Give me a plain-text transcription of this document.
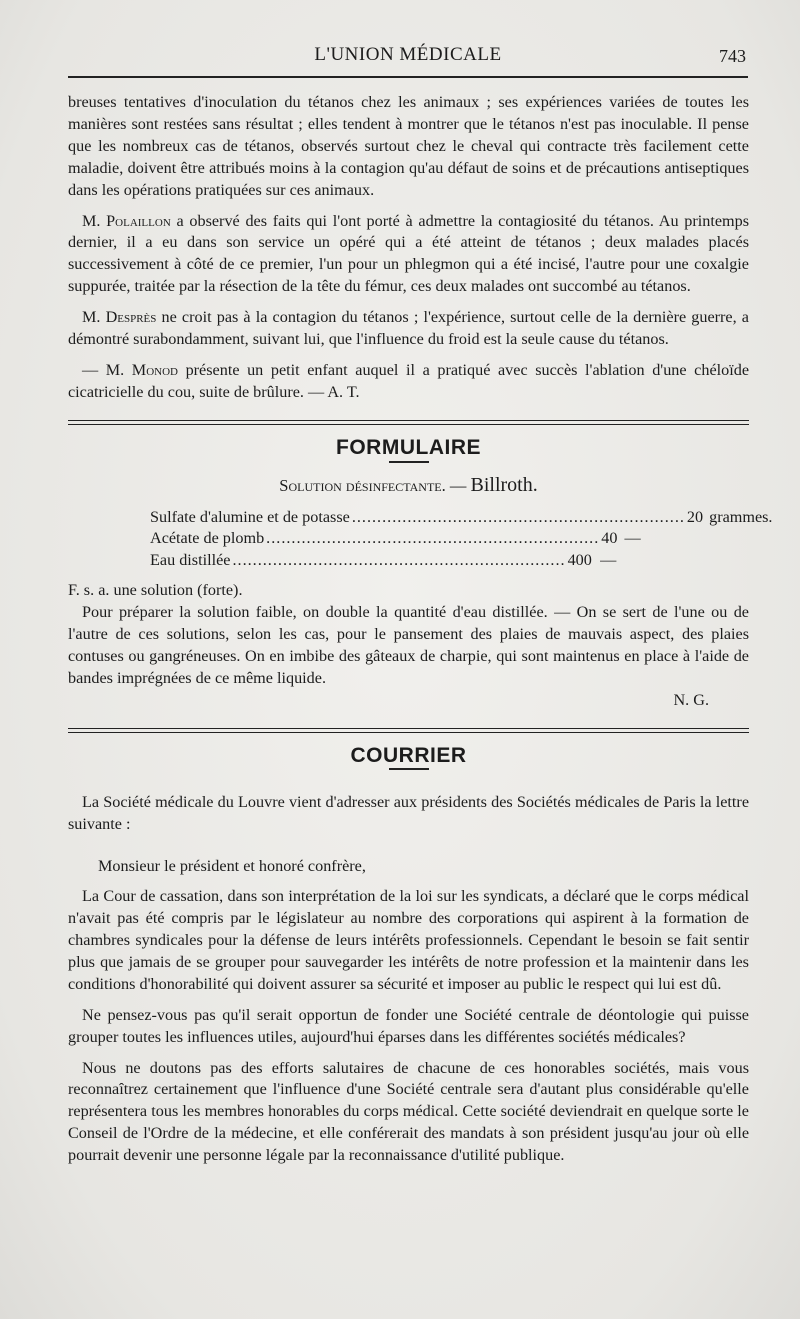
L'UNION MÉDICALE	743

breuses tentatives d'inoculation du tétanos chez les animaux ; ses expériences variées de toutes les manières sont restées sans résultat ; elles tendent à montrer que le tétanos n'est pas inoculable. Il pense que les nombreux cas de tétanos, observés surtout chez le cheval qui contracte très facilement cette maladie, doivent être attribués moins à la contagion qu'au défaut de soins et de précautions antiseptiques dans les opérations pratiquées sur ces animaux.

M. Polaillon a observé des faits qui l'ont porté à admettre la contagiosité du tétanos. Au printemps dernier, il a eu dans son service un opéré qui a été atteint de tétanos ; deux malades placés successivement à côté de ce premier, l'un pour un phlegmon qui a été incisé, l'autre pour une coxalgie suppurée, traitée par la résection de la tête du fémur, ces deux malades ont succombé au tétanos.

M. Desprès ne croit pas à la contagion du tétanos ; l'expérience, surtout celle de la dernière guerre, a démontré surabondamment, suivant lui, que l'influence du froid est la seule cause du tétanos.

— M. Monod présente un petit enfant auquel il a pratiqué avec succès l'ablation d'une chéloïde cicatricielle du cou, suite de brûlure. — A. T.

FORMULAIRE
Solution désinfectante. — Billroth.
Sulfate d'alumine et de potasse .................................................................. 20 grammes.
Acétate de plomb .................................................................. 40 —
Eau distillée .................................................................. 400 —

F. s. a. une solution (forte).

Pour préparer la solution faible, on double la quantité d'eau distillée. — On se sert de l'une ou de l'autre de ces solutions, selon les cas, pour le pansement des plaies de mauvais aspect, des plaies contuses ou gangréneuses. On en imbibe des gâteaux de charpie, qui sont maintenus en place à l'aide de bandes imprégnées de ce même liquide.

N. G.

COURRIER

La Société médicale du Louvre vient d'adresser aux présidents des Sociétés médicales de Paris la lettre suivante :

Monsieur le président et honoré confrère,

La Cour de cassation, dans son interprétation de la loi sur les syndicats, a déclaré que le corps médical n'avait pas été compris par le législateur au nombre des corporations qui aspirent à la formation de chambres syndicales pour la défense de leurs intérêts professionnels. Cependant le besoin se fait sentir plus que jamais de se grouper pour sauvegarder les intérêts de notre profession et la maintenir dans les conditions d'honorabilité qui doivent assurer sa sécurité et imposer au public le respect qui lui est dû.

Ne pensez-vous pas qu'il serait opportun de fonder une Société centrale de déontologie qui puisse grouper toutes les influences utiles, aujourd'hui éparses dans les différentes sociétés médicales?

Nous ne doutons pas des efforts salutaires de chacune de ces honorables sociétés, mais vous reconnaîtrez certainement que l'influence d'une Société centrale sera d'autant plus considérable qu'elle représentera tous les membres honorables du corps médical. Cette société deviendrait en quelque sorte le Conseil de l'Ordre de la médecine, et elle conférerait des mandats à son président jusqu'au jour où elle pourrait devenir une personne légale par la reconnaissance d'utilité publique.
